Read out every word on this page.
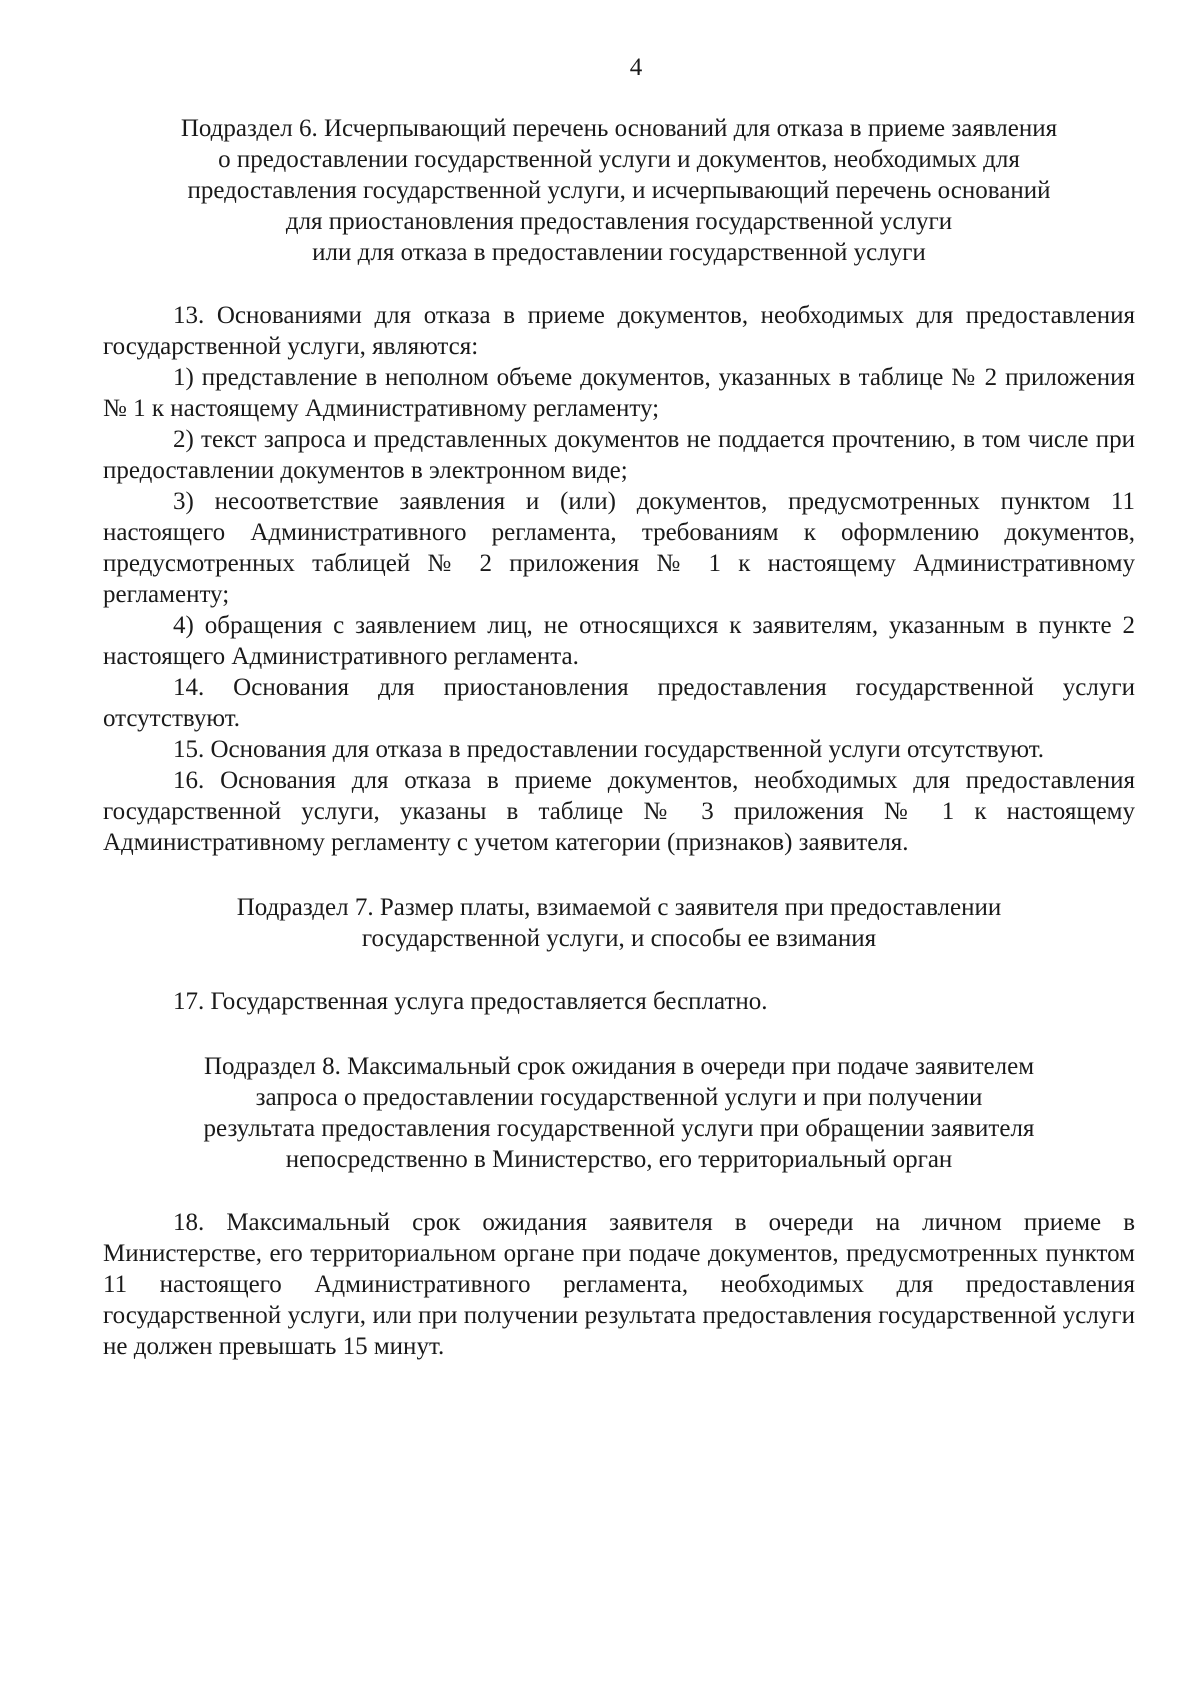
4
Подраздел 6. Исчерпывающий перечень оснований для отказа в приеме заявления
о предоставлении государственной услуги и документов, необходимых для
предоставления государственной услуги, и исчерпывающий перечень оснований
для приостановления предоставления государственной услуги
или для отказа в предоставлении государственной услуги

13. Основаниями для отказа в приеме документов, необходимых для предоставления государственной услуги, являются:

1) представление в неполном объеме документов, указанных в таблице № 2 приложения № 1 к настоящему Административному регламенту;

2) текст запроса и представленных документов не поддается прочтению, в том числе при предоставлении документов в электронном виде;

3) несоответствие заявления и (или) документов, предусмотренных пунктом 11 настоящего Административного регламента, требованиям к оформлению документов, предусмотренных таблицей № 2 приложения № 1 к настоящему Административному регламенту;

4) обращения с заявлением лиц, не относящихся к заявителям, указанным в пункте 2 настоящего Административного регламента.

14. Основания для приостановления предоставления государственной услуги отсутствуют.

15. Основания для отказа в предоставлении государственной услуги отсутствуют.

16. Основания для отказа в приеме документов, необходимых для предоставления государственной услуги, указаны в таблице № 3 приложения № 1 к настоящему Административному регламенту с учетом категории (признаков) заявителя.

Подраздел 7. Размер платы, взимаемой с заявителя при предоставлении
государственной услуги, и способы ее взимания

17. Государственная услуга предоставляется бесплатно.

Подраздел 8. Максимальный срок ожидания в очереди при подаче заявителем
запроса о предоставлении государственной услуги и при получении
результата предоставления государственной услуги при обращении заявителя
непосредственно в Министерство, его территориальный орган

18. Максимальный срок ожидания заявителя в очереди на личном приеме в Министерстве, его территориальном органе при подаче документов, предусмотренных пунктом 11 настоящего Административного регламента, необходимых для предоставления государственной услуги, или при получении результата предоставления государственной услуги не должен превышать 15 минут.
